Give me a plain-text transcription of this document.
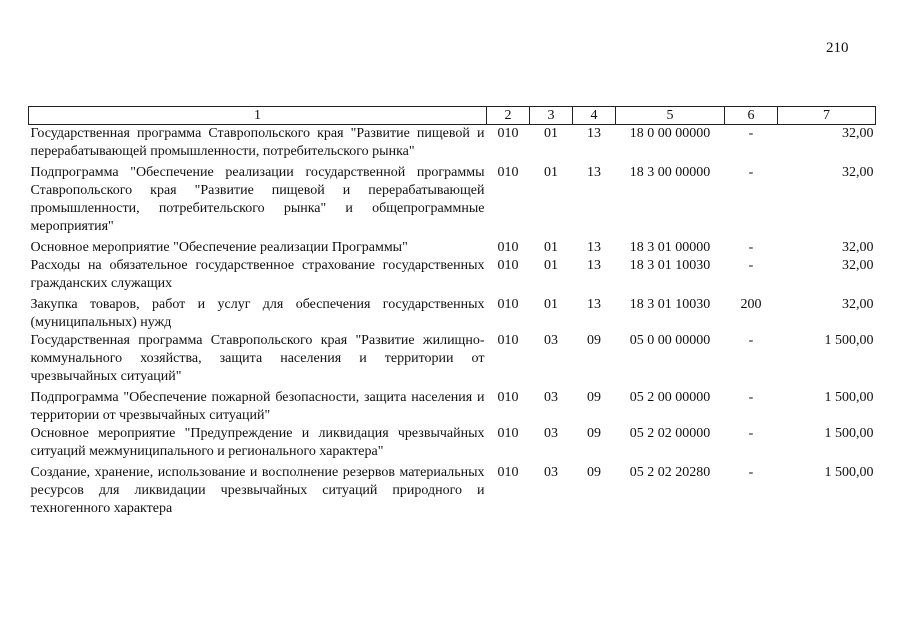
210
1	2	3	4	5	6	7
Государственная программа Ставропольского края "Развитие пищевой и перерабатывающей промышленности, потребительского рынка"	010	01	13	18 0 00 00000	-	32,00
Подпрограмма "Обеспечение реализации государственной программы Ставропольского края "Развитие пищевой и перерабатывающей промышленности, потребительского рынка" и общепрограммные мероприятия"	010	01	13	18 3 00 00000	-	32,00
Основное мероприятие "Обеспечение реализации Программы"	010	01	13	18 3 01 00000	-	32,00
Расходы на обязательное государственное страхование государственных гражданских служащих	010	01	13	18 3 01 10030	-	32,00
Закупка товаров, работ и услуг для обеспечения государственных (муниципальных) нужд	010	01	13	18 3 01 10030	200	32,00
Государственная программа Ставропольского края "Развитие жилищно-коммунального хозяйства, защита населения и территории от чрезвычайных ситуаций"	010	03	09	05 0 00 00000	-	1 500,00
Подпрограмма "Обеспечение пожарной безопасности, защита населения и территории от чрезвычайных ситуаций"	010	03	09	05 2 00 00000	-	1 500,00
Основное мероприятие "Предупреждение и ликвидация чрезвычайных ситуаций межмуниципального и регионального характера"	010	03	09	05 2 02 00000	-	1 500,00
Создание, хранение, использование и восполнение резервов материальных ресурсов для ликвидации чрезвычайных ситуаций природного и техногенного характера	010	03	09	05 2 02 20280	-	1 500,00
